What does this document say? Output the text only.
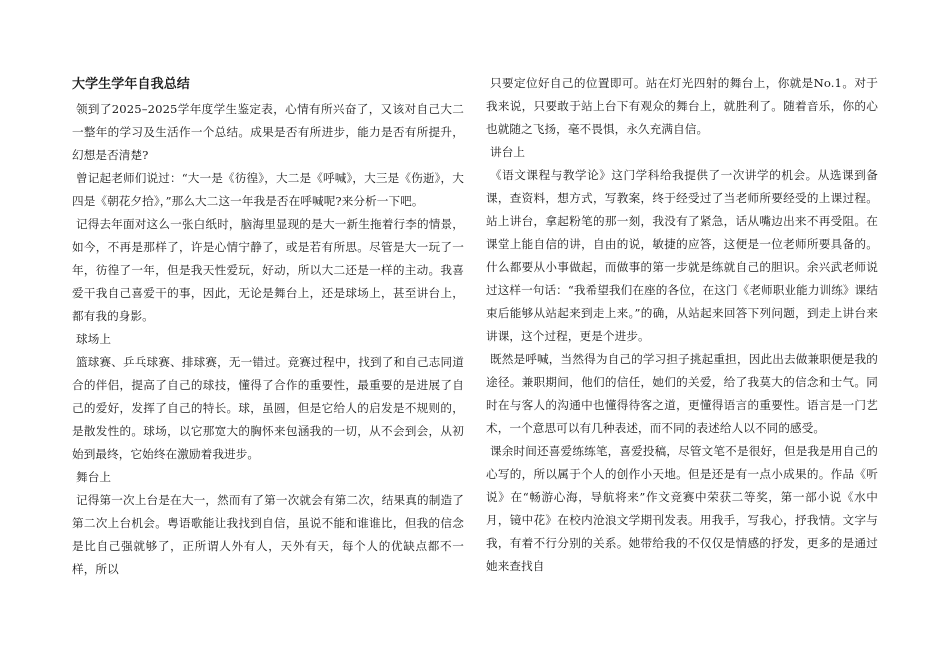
大学生学年自我总结

领到了2025–2025学年度学生鉴定表，心情有所兴奋了，又该对自己大二一整年的学习及生活作一个总结。成果是否有所进步，能力是否有所提升，幻想是否清楚?

曾记起老师们说过：“大一是《彷徨》，大二是《呼喊》，大三是《伤逝》，大四是《朝花夕拾》，”那么大二这一年我是否在呼喊呢?来分析一下吧。

记得去年面对这么一张白纸时，脑海里显现的是大一新生拖着行李的情景，如今，不再是那样了，许是心情宁静了，或是若有所思。尽管是大一玩了一年，彷徨了一年，但是我天性爱玩，好动，所以大二还是一样的主动。我喜爱干我自己喜爱干的事，因此，无论是舞台上，还是球场上，甚至讲台上，都有我的身影。

球场上

篮球赛、乒乓球赛、排球赛，无一错过。竞赛过程中，找到了和自己志同道合的伴侣，提高了自己的球技，懂得了合作的重要性，最重要的是进展了自己的爱好，发挥了自己的特长。球，虽圆，但是它给人的启发是不规则的，是散发性的。球场，以它那宽大的胸怀来包涵我的一切，从不会到会，从初始到最终，它始终在激励着我进步。

舞台上

记得第一次上台是在大一，然而有了第一次就会有第二次，结果真的制造了第二次上台机会。粤语歌能让我找到自信，虽说不能和谁谁比，但我的信念是比自己强就够了，正所谓人外有人，天外有天，每个人的优缺点都不一样，所以

只要定位好自己的位置即可。站在灯光四射的舞台上，你就是No.1。对于我来说，只要敢于站上台下有观众的舞台上，就胜利了。随着音乐，你的心也就随之飞扬，毫不畏惧，永久充满自信。

讲台上

《语文课程与教学论》这门学科给我提供了一次讲学的机会。从选课到备课，查资料，想方式，写教案，终于经受过了当老师所要经受的上课过程。站上讲台，拿起粉笔的那一刻，我没有了紧急，话从嘴边出来不再受阻。在课堂上能自信的讲，自由的说，敏捷的应答，这便是一位老师所要具备的。什么都要从小事做起，而做事的第一步就是练就自己的胆识。余兴武老师说过这样一句话：“我希望我们在座的各位，在这门《老师职业能力训练》课结束后能够从站起来到走上来。”的确，从站起来回答下列问题，到走上讲台来讲课，这个过程，更是个进步。

既然是呼喊，当然得为自己的学习担子挑起重担，因此出去做兼职便是我的途径。兼职期间，他们的信任，她们的关爱，给了我莫大的信念和士气。同时在与客人的沟通中也懂得待客之道，更懂得语言的重要性。语言是一门艺术，一个意思可以有几种表述，而不同的表述给人以不同的感受。

课余时间还喜爱练练笔，喜爱投稿，尽管文笔不是很好，但是我是用自己的心写的，所以属于个人的创作小天地。但是还是有一点小成果的。作品《听说》在“畅游心海，导航将来”作文竞赛中荣获二等奖，第一部小说《水中月，镜中花》在校内沧浪文学期刊发表。用我手，写我心，抒我情。文字与我，有着不行分别的关系。她带给我的不仅仅是情感的抒发，更多的是通过她来查找自
